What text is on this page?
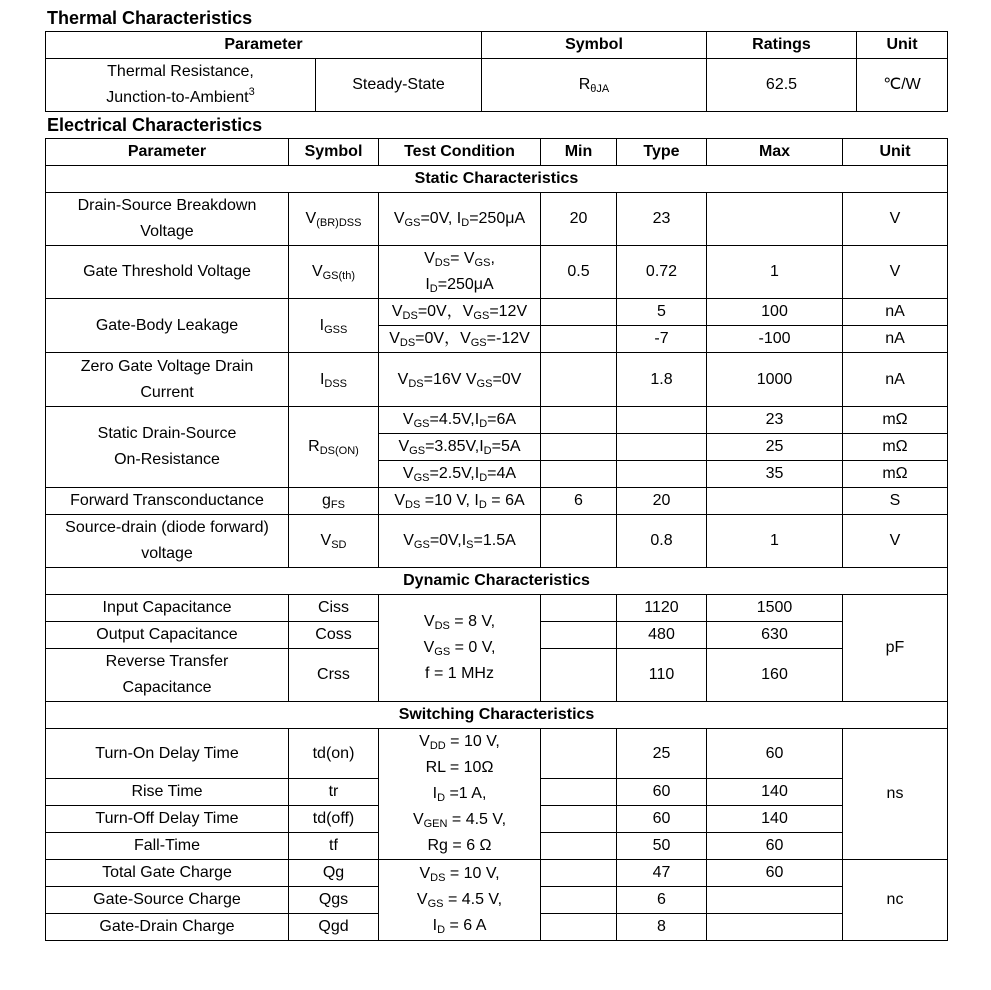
Thermal Characteristics
Parameter		Symbol	Ratings	Unit
Thermal Resistance,
Junction-to-Ambient$^3$	Steady-State	$R_{\theta JA}$	62.5	℃/W
Electrical Characteristics
Parameter	Symbol	Test Condition	Min	Type	Max	Unit
Static Characteristics						
Drain-Source Breakdown
Voltage	$V_{(BR)DSS}$	$V_{GS}=0V$, $I_D=250\mu A$	20	23		V
Gate Threshold Voltage	$V_{GS(th)}$	$V_{DS}= V_{GS}$,
$I_D=250\mu A$	0.5	0.72	1	V
Gate-Body Leakage	$I_{GSS}$	$V_{DS}=0V$，$V_{GS}=12V$		5	100	nA
		$V_{DS}=0V$，$V_{GS}=-12V$		-7	-100	nA
Zero Gate Voltage Drain
Current	$I_{DSS}$	$V_{DS}=16V$ $V_{GS}=0V$		1.8	1000	nA
Static Drain-Source
On-Resistance	$R_{DS(ON)}$	$V_{GS}=4.5V,I_D=6A$			23	mΩ
		$V_{GS}=3.85V,I_D=5A$			25	mΩ
		$V_{GS}=2.5V,I_D=4A$			35	mΩ
Forward Transconductance	$g_{FS}$	$V_{DS} =10$ V, $I_D = 6A$	6	20		S
Source-drain (diode forward)
voltage	$V_{SD}$	$V_{GS}=0V,I_S=1.5A$		0.8	1	V
Dynamic Characteristics						
Input Capacitance	Ciss	$V_{DS} = 8$ V,
$V_{GS} = 0$ V,
f = 1 MHz		1120	1500	pF
Output Capacitance	Coss			480	630	
Reverse Transfer
Capacitance	Crss			110	160	
Switching Characteristics						
Turn-On Delay Time	td(on)	$V_{DD} = 10$ V,
RL = 10Ω
$I_D =1$ A,
$V_{GEN} = 4.5$ V,
Rg = 6 Ω		25	60	ns
Rise Time	tr			60	140	
Turn-Off Delay Time	td(off)			60	140	
Fall-Time	tf			50	60	
Total Gate Charge	Qg	$V_{DS} = 10$ V,
$V_{GS} = 4.5$ V,
$I_D = 6$ A		47	60	nc
Gate-Source Charge	Qgs			6		
Gate-Drain Charge	Qgd			8		
